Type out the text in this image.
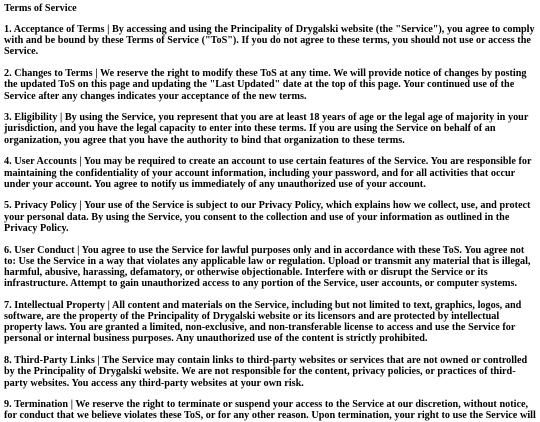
Terms of Service
1. Acceptance of Terms | By accessing and using the Principality of Drygalski website (the "Service"), you agree to comply with and be bound by these Terms of Service ("ToS"). If you do not agree to these terms, you should not use or access the Service.
2. Changes to Terms | We reserve the right to modify these ToS at any time. We will provide notice of changes by posting the updated ToS on this page and updating the "Last Updated" date at the top of this page. Your continued use of the Service after any changes indicates your acceptance of the new terms.
3. Eligibility | By using the Service, you represent that you are at least 18 years of age or the legal age of majority in your jurisdiction, and you have the legal capacity to enter into these terms. If you are using the Service on behalf of an organization, you agree that you have the authority to bind that organization to these terms.
4. User Accounts | You may be required to create an account to use certain features of the Service. You are responsible for maintaining the confidentiality of your account information, including your password, and for all activities that occur under your account. You agree to notify us immediately of any unauthorized use of your account.
5. Privacy Policy | Your use of the Service is subject to our Privacy Policy, which explains how we collect, use, and protect your personal data. By using the Service, you consent to the collection and use of your information as outlined in the Privacy Policy.
6. User Conduct | You agree to use the Service for lawful purposes only and in accordance with these ToS. You agree not to: Use the Service in a way that violates any applicable law or regulation. Upload or transmit any material that is illegal, harmful, abusive, harassing, defamatory, or otherwise objectionable. Interfere with or disrupt the Service or its infrastructure. Attempt to gain unauthorized access to any portion of the Service, user accounts, or computer systems.
7. Intellectual Property | All content and materials on the Service, including but not limited to text, graphics, logos, and software, are the property of the Principality of Drygalski website or its licensors and are protected by intellectual property laws. You are granted a limited, non-exclusive, and non-transferable license to access and use the Service for personal or internal business purposes. Any unauthorized use of the content is strictly prohibited.
8. Third-Party Links | The Service may contain links to third-party websites or services that are not owned or controlled by the Principality of Drygalski website. We are not responsible for the content, privacy policies, or practices of third-party websites. You access any third-party websites at your own risk.
9. Termination | We reserve the right to terminate or suspend your access to the Service at our discretion, without notice, for conduct that we believe violates these ToS, or for any other reason. Upon termination, your right to use the Service will
